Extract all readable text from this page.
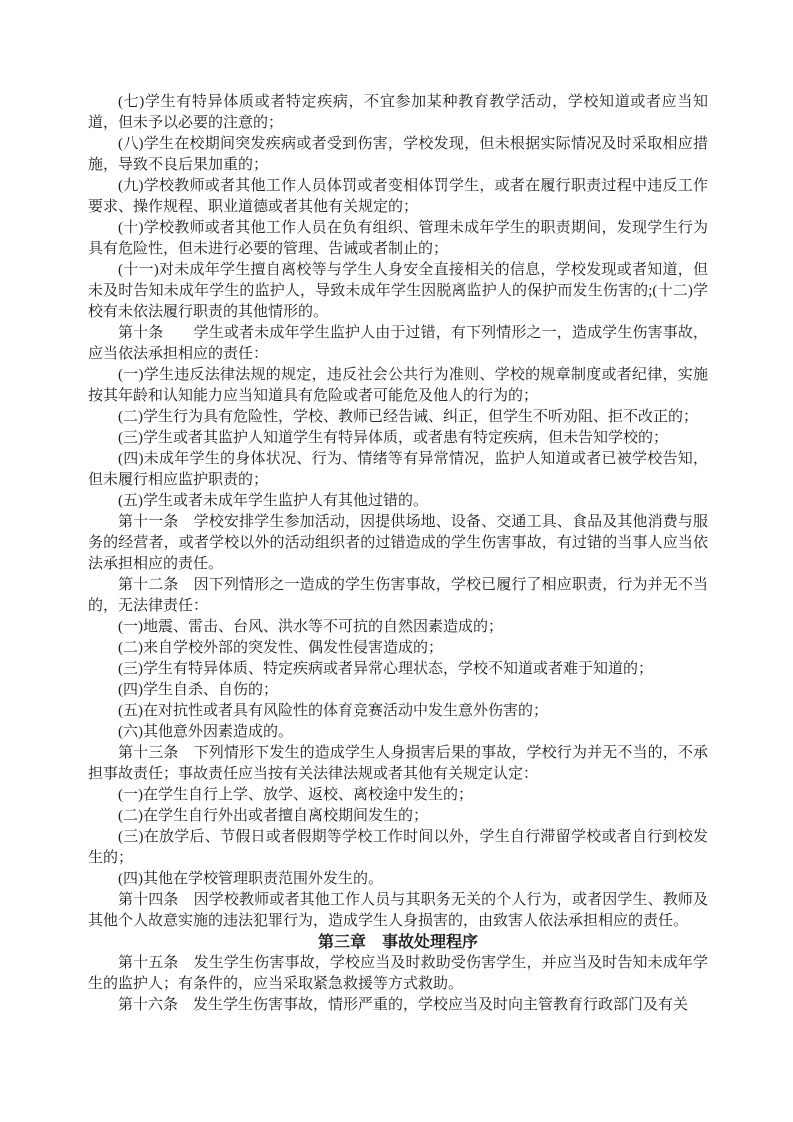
(七)学生有特异体质或者特定疾病，不宜参加某种教育教学活动，学校知道或者应当知道，但未予以必要的注意的；

(八)学生在校期间突发疾病或者受到伤害，学校发现，但未根据实际情况及时采取相应措施，导致不良后果加重的；

(九)学校教师或者其他工作人员体罚或者变相体罚学生，或者在履行职责过程中违反工作要求、操作规程、职业道德或者其他有关规定的；

(十)学校教师或者其他工作人员在负有组织、管理未成年学生的职责期间，发现学生行为具有危险性，但未进行必要的管理、告诫或者制止的；

(十一)对未成年学生擅自离校等与学生人身安全直接相关的信息，学校发现或者知道，但未及时告知未成年学生的监护人，导致未成年学生因脱离监护人的保护而发生伤害的;(十二)学校有未依法履行职责的其他情形的。

第十条　　学生或者未成年学生监护人由于过错，有下列情形之一，造成学生伤害事故，应当依法承担相应的责任：

(一)学生违反法律法规的规定，违反社会公共行为准则、学校的规章制度或者纪律，实施按其年龄和认知能力应当知道具有危险或者可能危及他人的行为的；

(二)学生行为具有危险性，学校、教师已经告诫、纠正，但学生不听劝阻、拒不改正的；

(三)学生或者其监护人知道学生有特异体质，或者患有特定疾病，但未告知学校的；

(四)未成年学生的身体状况、行为、情绪等有异常情况，监护人知道或者已被学校告知，但未履行相应监护职责的；

(五)学生或者未成年学生监护人有其他过错的。

第十一条　学校安排学生参加活动，因提供场地、设备、交通工具、食品及其他消费与服务的经营者，或者学校以外的活动组织者的过错造成的学生伤害事故，有过错的当事人应当依法承担相应的责任。

第十二条　因下列情形之一造成的学生伤害事故，学校已履行了相应职责，行为并无不当的，无法律责任：

(一)地震、雷击、台风、洪水等不可抗的自然因素造成的；

(二)来自学校外部的突发性、偶发性侵害造成的；

(三)学生有特异体质、特定疾病或者异常心理状态，学校不知道或者难于知道的；

(四)学生自杀、自伤的；

(五)在对抗性或者具有风险性的体育竞赛活动中发生意外伤害的；

(六)其他意外因素造成的。

第十三条　下列情形下发生的造成学生人身损害后果的事故，学校行为并无不当的，不承担事故责任；事故责任应当按有关法律法规或者其他有关规定认定：

(一)在学生自行上学、放学、返校、离校途中发生的；

(二)在学生自行外出或者擅自离校期间发生的；

(三)在放学后、节假日或者假期等学校工作时间以外，学生自行滞留学校或者自行到校发生的；

(四)其他在学校管理职责范围外发生的。

第十四条　因学校教师或者其他工作人员与其职务无关的个人行为，或者因学生、教师及其他个人故意实施的违法犯罪行为，造成学生人身损害的，由致害人依法承担相应的责任。

第三章　事故处理程序

第十五条　发生学生伤害事故，学校应当及时救助受伤害学生，并应当及时告知未成年学生的监护人；有条件的，应当采取紧急救援等方式救助。

第十六条　发生学生伤害事故，情形严重的，学校应当及时向主管教育行政部门及有关
